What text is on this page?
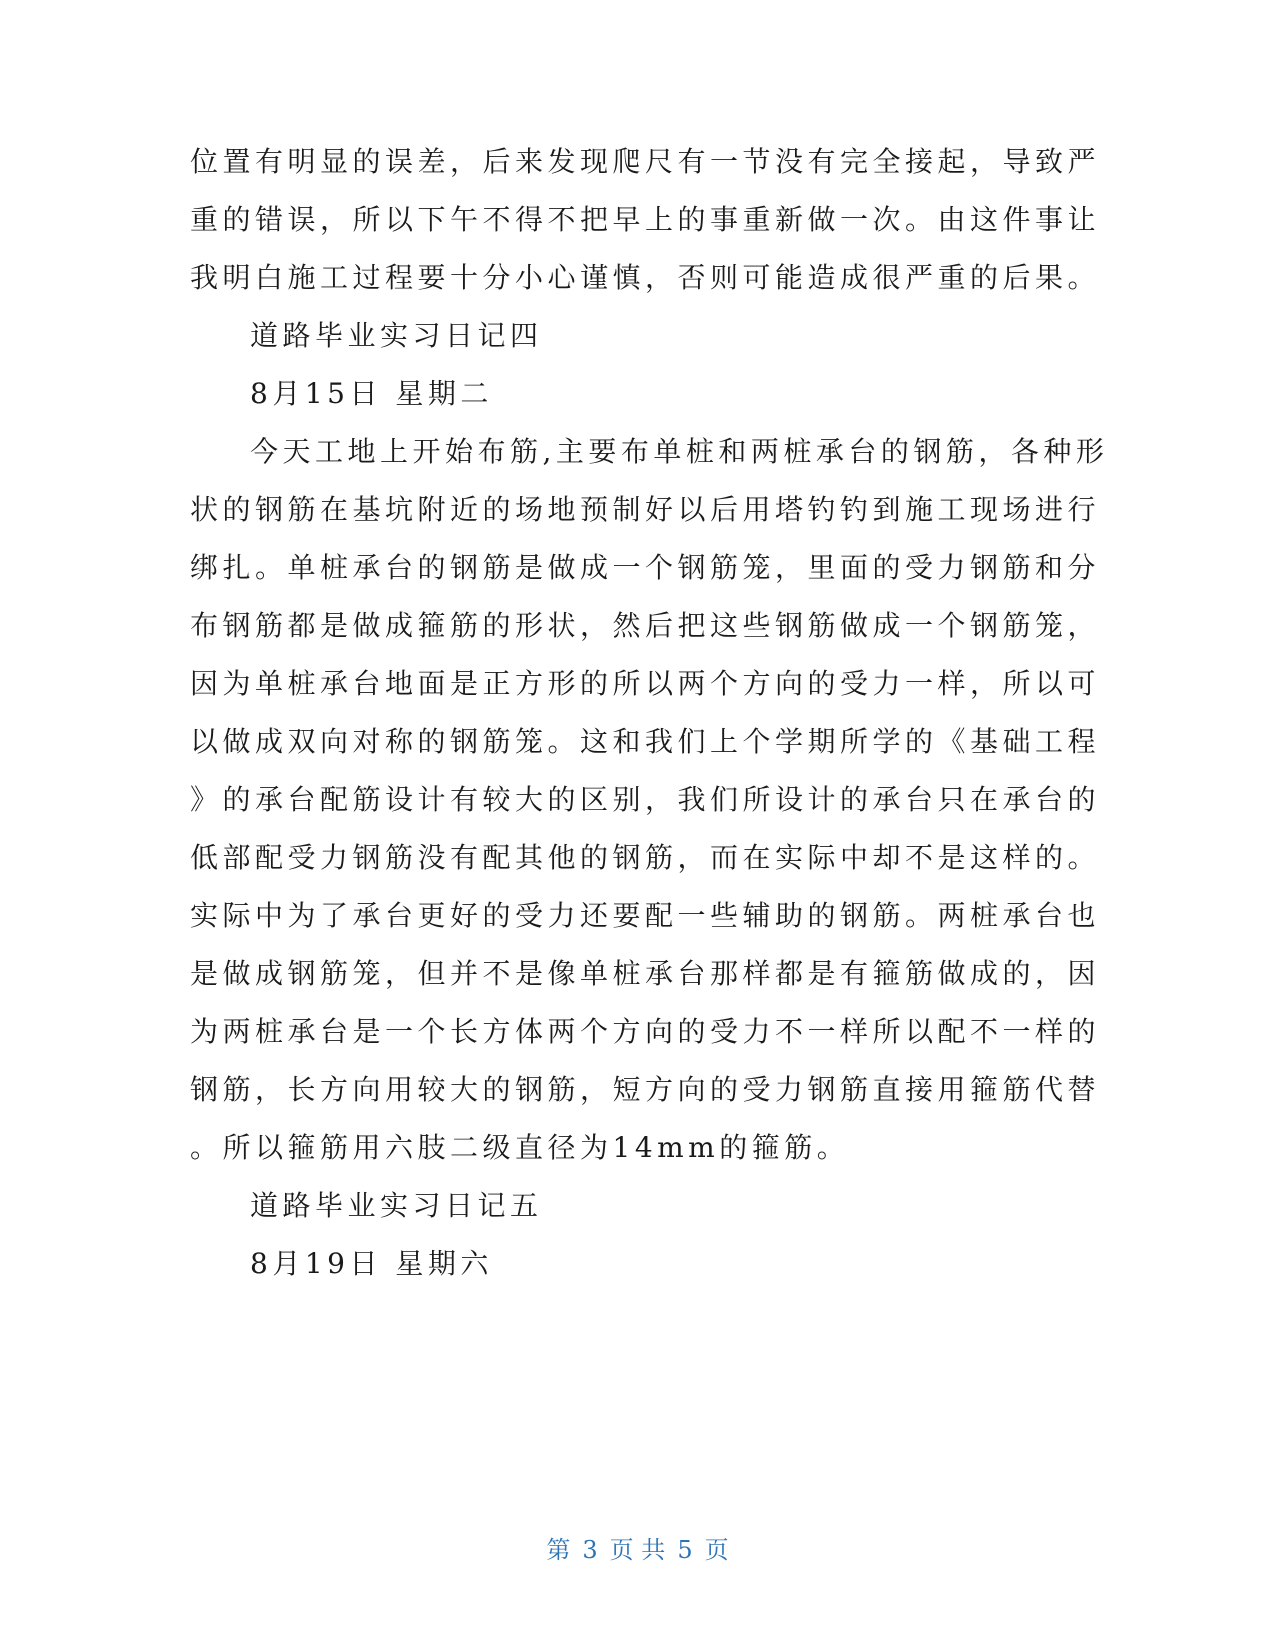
位置有明显的误差，后来发现爬尺有一节没有完全接起，导致严
重的错误，所以下午不得不把早上的事重新做一次。由这件事让
我明白施工过程要十分小心谨慎，否则可能造成很严重的后果。
道路毕业实习日记四
8月15日 星期二
今天工地上开始布筋,主要布单桩和两桩承台的钢筋，各种形
状的钢筋在基坑附近的场地预制好以后用塔钓钓到施工现场进行
绑扎。单桩承台的钢筋是做成一个钢筋笼，里面的受力钢筋和分
布钢筋都是做成箍筋的形状，然后把这些钢筋做成一个钢筋笼，
因为单桩承台地面是正方形的所以两个方向的受力一样，所以可
以做成双向对称的钢筋笼。这和我们上个学期所学的《基础工程
》的承台配筋设计有较大的区别，我们所设计的承台只在承台的
低部配受力钢筋没有配其他的钢筋，而在实际中却不是这样的。
实际中为了承台更好的受力还要配一些辅助的钢筋。两桩承台也
是做成钢筋笼，但并不是像单桩承台那样都是有箍筋做成的，因
为两桩承台是一个长方体两个方向的受力不一样所以配不一样的
钢筋，长方向用较大的钢筋，短方向的受力钢筋直接用箍筋代替
。所以箍筋用六肢二级直径为14mm的箍筋。
道路毕业实习日记五
8月19日 星期六
第 3 页 共 5 页
